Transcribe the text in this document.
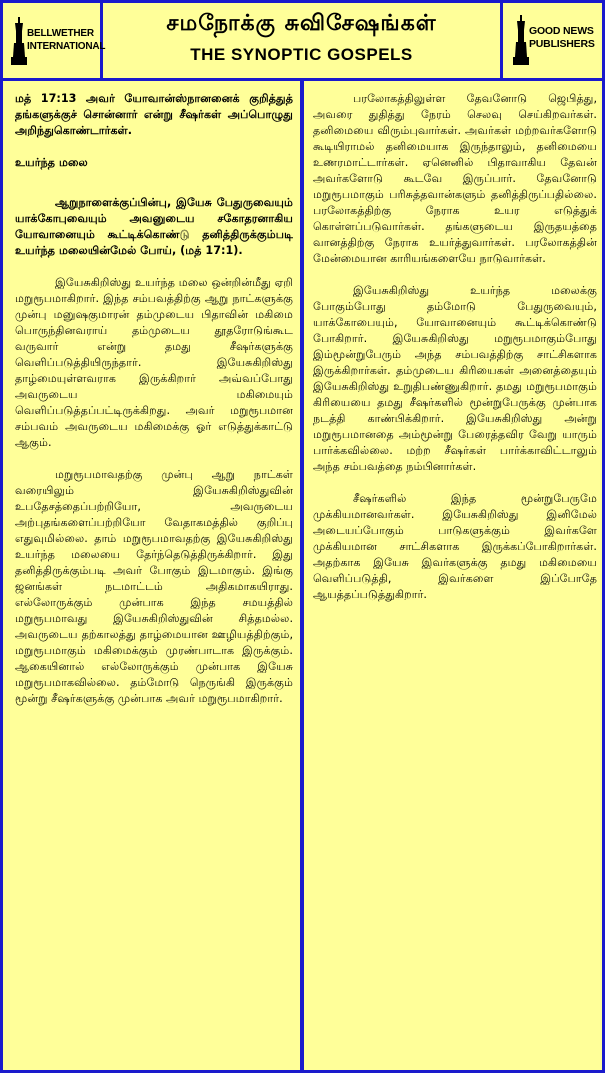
BELLWETHER
INTERNATIONAL
சமநோக்கு சுவிசேஷங்கள்
THE SYNOPTIC GOSPELS
GOOD NEWS
PUBLISHERS

மத் 17:13 அவர் யோவான்ஸ்நானனைக் குறித்துத் தங்களுக்குச் சொன்னார் என்று சீஷர்கள் அப்பொழுது அறிந்துகொண்டார்கள்.

உயர்ந்த மலை

ஆறுநாளைக்குப்பின்பு, இயேசு பேதுருவையும் யாக்கோபுவையும் அவனுடைய சகோதரனாகிய யோவானையும் கூட்டிக்கொண்டு தனித்திருக்கும்படி உயர்ந்த மலையின்மேல் போய், (மத் 17:1).

இயேசுகிறிஸ்து உயர்ந்த மலை ஒன்றின்மீது ஏறி மறுரூபமாகிறார். இந்த சம்பவத்திற்கு ஆறு நாட்களுக்கு முன்பு மனுஷகுமாரன் தம்முடைய பிதாவின் மகிமை பொருந்தினவராய் தம்முடைய தூதரோடுங்கூட வருவார் என்று தமது சீஷர்களுக்கு வெளிப்படுத்தியிருந்தார். இயேசுகிறிஸ்து தாழ்மையுள்ளவராக இருக்கிறார் அவ்வப்போது அவருடைய மகிமையும் வெளிப்படுத்தப்பட்டிருக்கிறது. அவர் மறுரூபமான சம்பவம் அவருடைய மகிமைக்கு ஓர் எடுத்துக்காட்டு ஆகும்.

மறுரூபமாவதற்கு முன்பு ஆறு நாட்கள் வரையிலும் இயேசுகிறிஸ்துவின் உபதேசத்தைப்பற்றியோ, அவருடைய அற்புதங்களைப்பற்றியோ வேதாகமத்தில் குறிப்பு எதுவுமில்லை. தாம் மறுரூபமாவதற்கு இயேசுகிறிஸ்து உயர்ந்த மலையை தேர்ந்தெடுத்திருக்கிறார். இது தனித்திருக்கும்படி அவர் போகும் இடமாகும். இங்கு ஜனங்கள் நடமாட்டம் அதிகமாகயிராது. எல்லோருக்கும் முன்பாக இந்த சமயத்தில் மறுரூபமாவது இயேசுகிறிஸ்துவின் சித்தமல்ல. அவருடைய தற்காலத்து தாழ்மையான ஊழியத்திற்கும், மறுரூபமாகும் மகிமைக்கும் முரண்பாடாக இருக்கும். ஆகையினால் எல்லோருக்கும் முன்பாக இயேசு மறுரூபமாகவில்லை. தம்மோடு நெருங்கி இருக்கும் மூன்று சீஷர்களுக்கு முன்பாக அவர் மறுரூபமாகிறார்.

பரலோகத்திலுள்ள தேவனோடு ஜெபித்து, அவரை துதித்து நேரம் செலவு செய்கிறவர்கள். தனிமையை விரும்புவார்கள். அவர்கள் மற்றவர்களோடு கூடியிராமல் தனிமையாக இருந்தாலும், தனிமையை உணரமாட்டார்கள். ஏனெனில் பிதாவாகிய தேவன் அவர்களோடு கூடவே இருப்பார். தேவனோடு மறுரூபமாகும் பரிசுத்தவான்களும் தனித்திருப்பதில்லை. பரலோகத்திற்கு நேராக உயர எடுத்துக் கொள்ளப்படுவார்கள். தங்களுடைய இருதயத்தை வானத்திற்கு நேராக உயர்த்துவார்கள். பரலோகத்தின் மேன்மையான காரியங்களையே நாடுவார்கள்.

இயேசுகிறிஸ்து உயர்ந்த மலைக்கு போகும்போது தம்மோடு பேதுருவையும், யாக்கோபையும், யோவானையும் கூட்டிக்கொண்டு போகிறார். இயேசுகிறிஸ்து மறுரூபமாகும்போது இம்மூன்றுபேரும் அந்த சம்பவத்திற்கு சாட்சிகளாக இருக்கிறார்கள். தம்முடைய கிரியைகள் அனைத்தையும் இயேசுகிறிஸ்து உறுதிபண்ணுகிறார். தமது மறுரூபமாகும் கிரியையை தமது சீஷர்களில் மூன்றுபேருக்கு முன்பாக நடத்தி காண்பிக்கிறார். இயேசுகிறிஸ்து அன்று மறுரூபமானதை அம்மூன்று பேரைத்தவிர வேறு யாரும் பார்க்கவில்லை. மற்ற சீஷர்கள் பார்க்காவிட்டாலும் அந்த சம்பவத்தை நம்பினார்கள்.

சீஷர்களில் இந்த மூன்றுபேருமே முக்கியமானவர்கள். இயேசுகிறிஸ்து இனிமேல் அடையப்போகும் பாடுகளுக்கும் இவர்களே முக்கியமான சாட்சிகளாக இருக்கப்போகிறார்கள். அதற்காக இயேசு இவர்களுக்கு தமது மகிமையை வெளிப்படுத்தி, இவர்களை இப்போதே ஆயத்தப்படுத்துகிறார்.
